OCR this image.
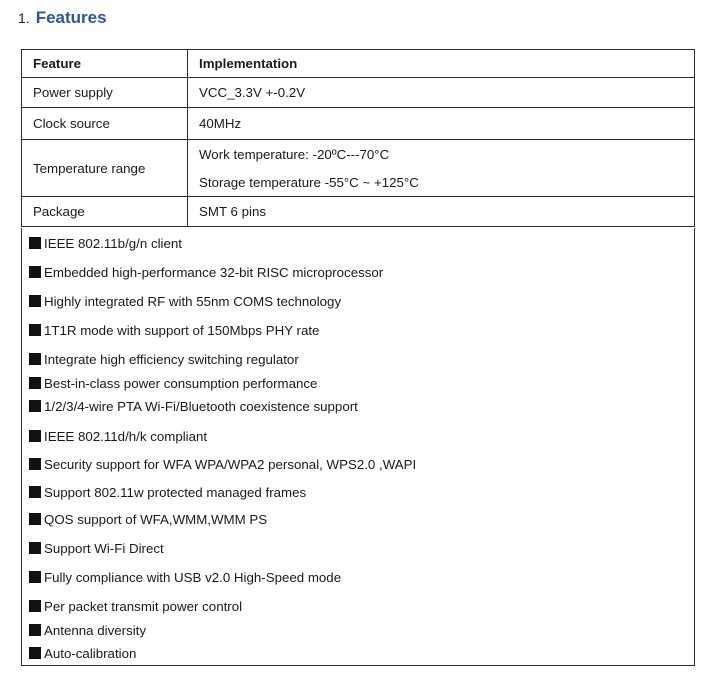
1. Features
Feature	Implementation
Power supply	VCC_3.3V +-0.2V

Clock source	40MHz

Temperature range	Work temperature: -20ºC---70°C
Storage temperature -55°C ~ +125°C

Package	SMT 6 pins
IEEE 802.11b/g/n client
Embedded high-performance 32-bit RISC microprocessor
Highly integrated RF with 55nm COMS technology
1T1R mode with support of 150Mbps PHY rate
Integrate high efficiency switching regulator
Best-in-class power consumption performance
1/2/3/4-wire PTA Wi-Fi/Bluetooth coexistence support
IEEE 802.11d/h/k compliant
Security support for WFA WPA/WPA2 personal, WPS2.0 ,WAPI
Support 802.11w protected managed frames
QOS support of WFA,WMM,WMM PS
Support Wi-Fi Direct
Fully compliance with USB v2.0 High-Speed mode
Per packet transmit power control
Antenna diversity
Auto-calibration
